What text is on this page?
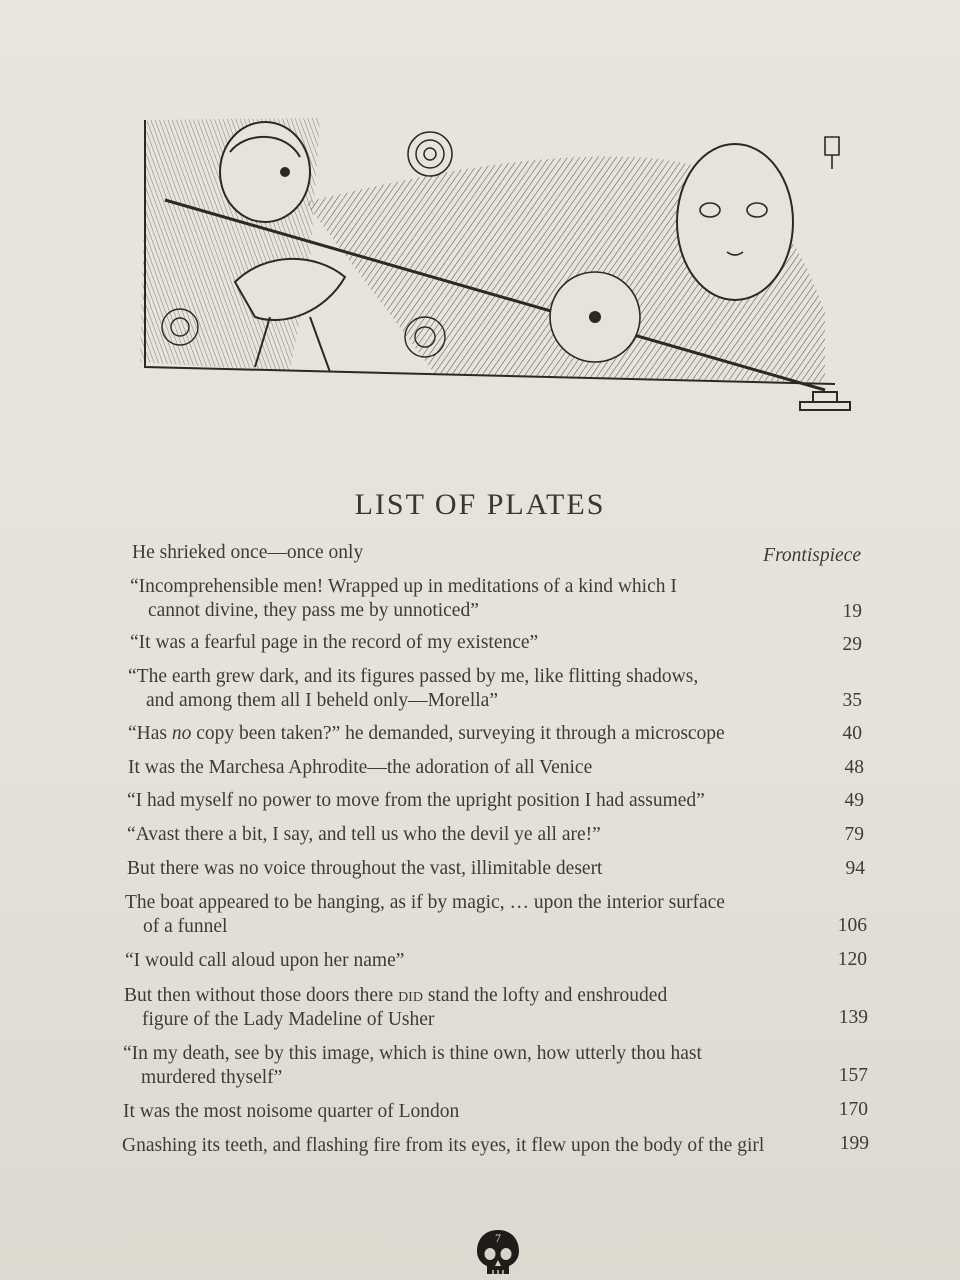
LIST OF PLATES
He shrieked once—once only	Frontispiece
“Incomprehensible men! Wrapped up in meditations of a kind which I
cannot divine, they pass me by unnoticed”	19
“It was a fearful page in the record of my existence”	29
“The earth grew dark, and its figures passed by me, like flitting shadows,
and among them all I beheld only—Morella”	35
“Has no copy been taken?” he demanded, surveying it through a microscope	40
It was the Marchesa Aphrodite—the adoration of all Venice	48
“I had myself no power to move from the upright position I had assumed”	49
“Avast there a bit, I say, and tell us who the devil ye all are!”	79
But there was no voice throughout the vast, illimitable desert	94
The boat appeared to be hanging, as if by magic, … upon the interior surface
of a funnel	106
“I would call aloud upon her name”	120
But then without those doors there did stand the lofty and enshrouded
figure of the Lady Madeline of Usher	139
“In my death, see by this image, which is thine own, how utterly thou hast
murdered thyself”	157
It was the most noisome quarter of London	170
Gnashing its teeth, and flashing fire from its eyes, it flew upon the body of the girl	199
7
